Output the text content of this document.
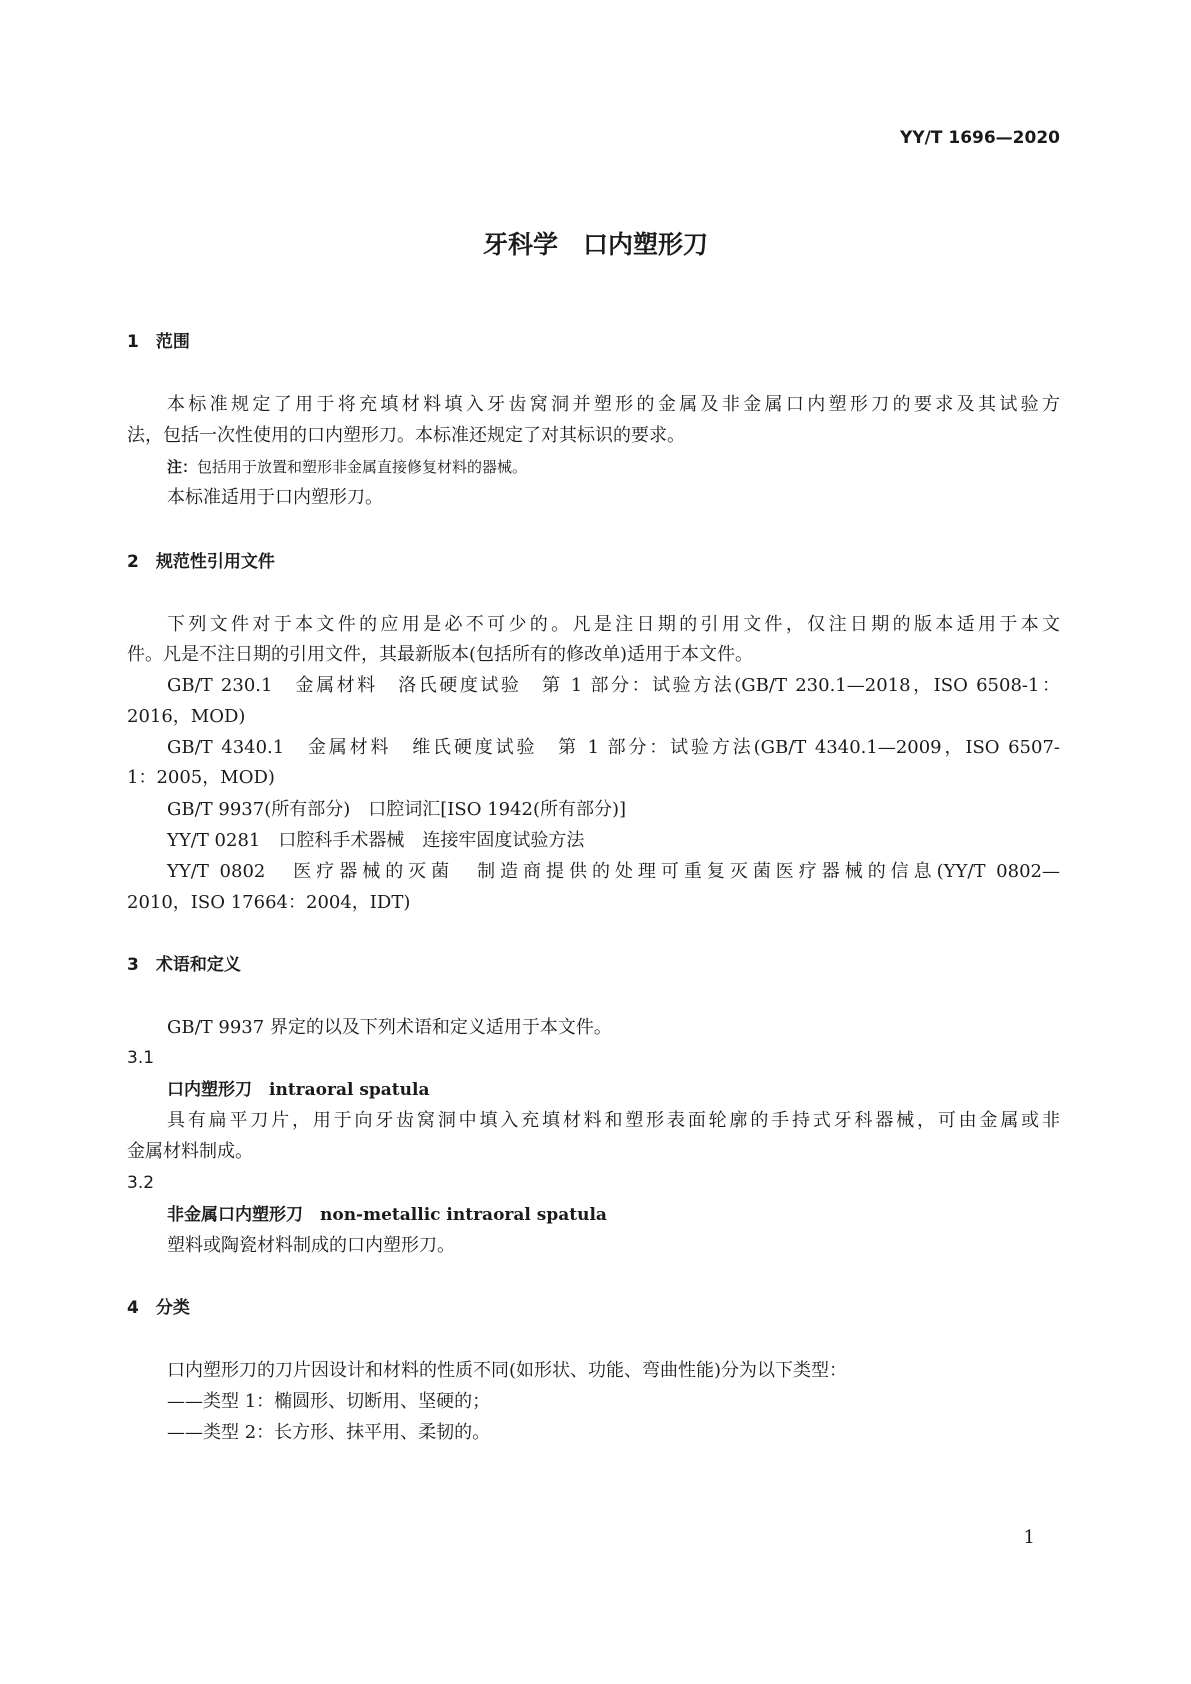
YY/T 1696—2020
牙科学　口内塑形刀
1　范围
本标准规定了用于将充填材料填入牙齿窝洞并塑形的金属及非金属口内塑形刀的要求及其试验方
法，包括一次性使用的口内塑形刀。本标准还规定了对其标识的要求。
注：包括用于放置和塑形非金属直接修复材料的器械。
本标准适用于口内塑形刀。
2　规范性引用文件
下列文件对于本文件的应用是必不可少的。凡是注日期的引用文件，仅注日期的版本适用于本文
件。凡是不注日期的引用文件，其最新版本(包括所有的修改单)适用于本文件。
GB/T 230.1　金属材料　洛氏硬度试验　第 1 部分：试验方法(GB/T 230.1—2018，ISO 6508-1：
2016，MOD)
GB/T 4340.1　金属材料　维氏硬度试验　第 1 部分：试验方法(GB/T 4340.1—2009，ISO 6507-
1：2005，MOD)
GB/T 9937(所有部分)　口腔词汇[ISO 1942(所有部分)]
YY/T 0281　口腔科手术器械　连接牢固度试验方法
YY/T 0802　医疗器械的灭菌　制造商提供的处理可重复灭菌医疗器械的信息(YY/T 0802—
2010，ISO 17664：2004，IDT)
3　术语和定义
GB/T 9937 界定的以及下列术语和定义适用于本文件。
3.1
口内塑形刀　 intraoral spatula
具有扁平刀片，用于向牙齿窝洞中填入充填材料和塑形表面轮廓的手持式牙科器械，可由金属或非
金属材料制成。
3.2
非金属口内塑形刀　 non-metallic intraoral spatula
塑料或陶瓷材料制成的口内塑形刀。
4　分类
口内塑形刀的刀片因设计和材料的性质不同(如形状、功能、弯曲性能)分为以下类型：
——类型 1：椭圆形、切断用、坚硬的；
——类型 2：长方形、抹平用、柔韧的。
1
